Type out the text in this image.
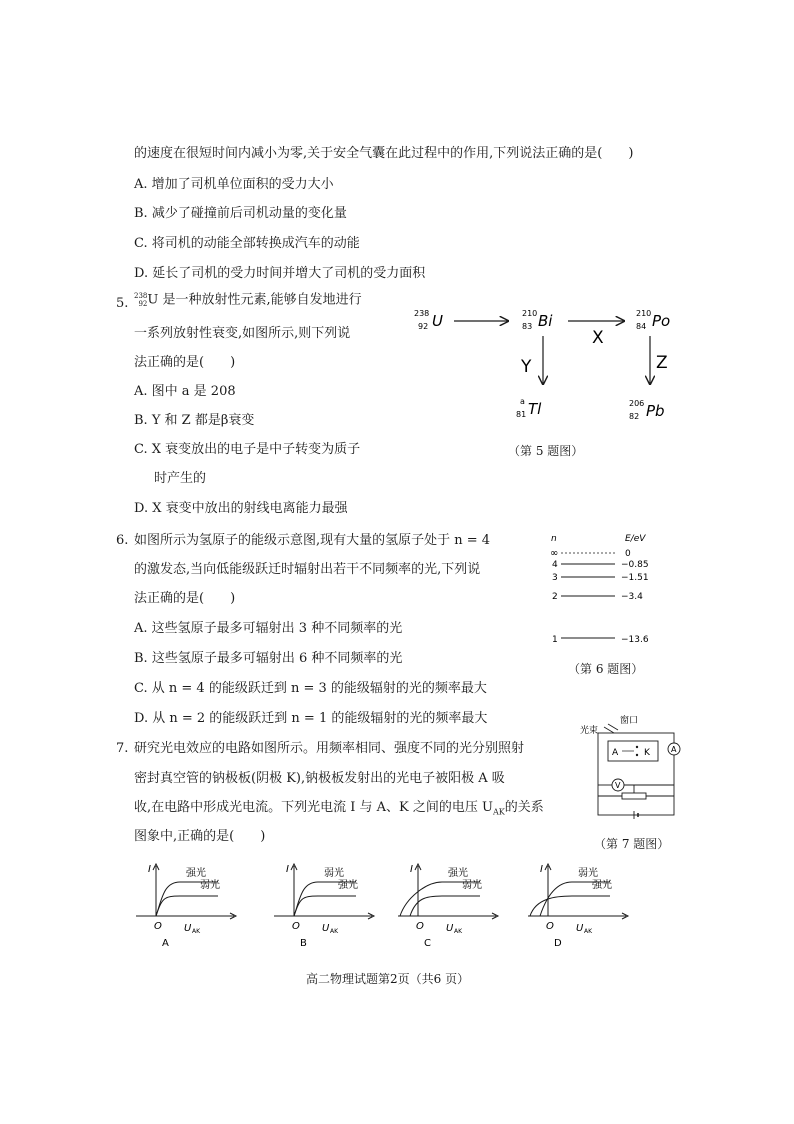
的速度在很短时间内减小为零,关于安全气囊在此过程中的作用,下列说法正确的是(　　)
A. 增加了司机单位面积的受力大小
B. 减少了碰撞前后司机动量的变化量
C. 将司机的动能全部转换成汽车的动能
D. 延长了司机的受力时间并增大了司机的受力面积
5. 238
92 U 是一种放射性元素,能够自发地进行
一系列放射性衰变,如图所示,则下列说
法正确的是(　　)
A. 图中 a 是 208
B. Y 和 Z 都是β衰变
C. X 衰变放出的电子是中子转变为质子
时产生的
D. X 衰变中放出的射线电离能力最强
238
92 U	210
83 Bi
X
210
84 Po
Y	Z
a
81 Tl	206
82 Pb
（第 5 题图）
6. 如图所示为氢原子的能级示意图,现有大量的氢原子处于 n = 4
的激发态,当向低能级跃迁时辐射出若干不同频率的光,下列说
法正确的是(　　)
A. 这些氢原子最多可辐射出 3 种不同频率的光
B. 这些氢原子最多可辐射出 6 种不同频率的光
C. 从 n = 4 的能级跃迁到 n = 3 的能级辐射的光的频率最大
D. 从 n = 2 的能级跃迁到 n = 1 的能级辐射的光的频率最大
n	E/eV
∞	0
4	−0.85
3	−1.51
2	−3.4
1	−13.6
（第 6 题图）
7. 研究光电效应的电路如图所示。用频率相同、强度不同的光分别照射
密封真空管的钠极板(阴极 K),钠极板发射出的光电子被阳极 A 吸
收,在电路中形成光电流。下列光电流 I 与 A、K 之间的电压 $U_{AK}$的关系
图象中,正确的是(　　)
光束
窗口
A	K	A
V
（第 7 题图）
I
O U AK
强光
弱光
A
I
O U AK
弱光
强光
B
I
O U AK
强光
弱光
C
I
O U AK
弱光
强光
D
高二物理试题第2页（共6 页）
